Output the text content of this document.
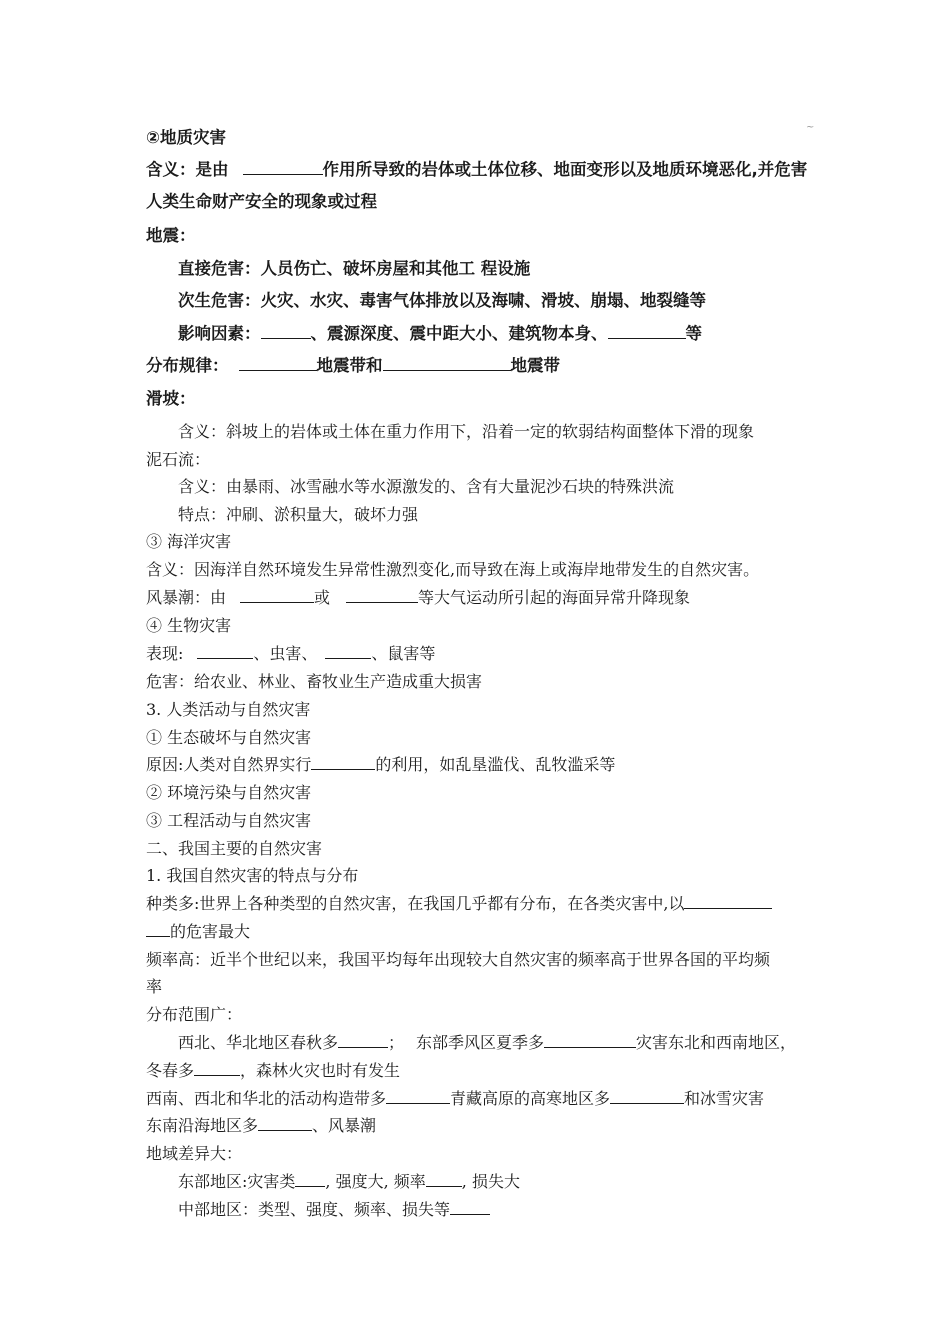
~
②地质灾害
含义：是由	作用所导致的岩体或土体位移、地面变形以及地质环境恶化,并危害
人类生命财产安全的现象或过程
地震：
直接危害：人员伤亡、破坏房屋和其他工 程设施
次生危害：火灾、水灾、毒害气体排放以及海啸、滑坡、崩塌、地裂缝等
影响因素：	、震源深度、震中距大小、建筑物本身、	等
分布规律：	地震带和	地震带
滑坡：
含义：斜坡上的岩体或土体在重力作用下，沿着一定的软弱结构面整体下滑的现象
泥石流：
含义：由暴雨、冰雪融水等水源激发的、含有大量泥沙石块的特殊洪流
特点：冲刷、淤积量大，破坏力强
③ 海洋灾害
含义：因海洋自然环境发生异常性激烈变化,而导致在海上或海岸地带发生的自然灾害。
风暴潮：由	或	等大气运动所引起的海面异常升降现象
④ 生物灾害
表现:	、虫害、	、鼠害等
危害：给农业、林业、畜牧业生产造成重大损害
3. 人类活动与自然灾害
① 生态破坏与自然灾害
原因:人类对自然界实行	的利用，如乱垦滥伐、乱牧滥采等
② 环境污染与自然灾害
③ 工程活动与自然灾害
二、我国主要的自然灾害
1. 我国自然灾害的特点与分布
种类多:世界上各种类型的自然灾害，在我国几乎都有分布，在各类灾害中,以
的危害最大
频率高：近半个世纪以来，我国平均每年出现较大自然灾害的频率高于世界各国的平均频
率
分布范围广：
西北、华北地区春秋多	； 东部季风区夏季多	灾害东北和西南地区，
冬春多	，森林火灾也时有发生
西南、西北和华北的活动构造带多	青藏高原的高寒地区多	和冰雪灾害
东南沿海地区多	、风暴潮
地域差异大：
东部地区:灾害类 , 强度大, 频率 , 损失大
中部地区：类型、强度、频率、损失等
